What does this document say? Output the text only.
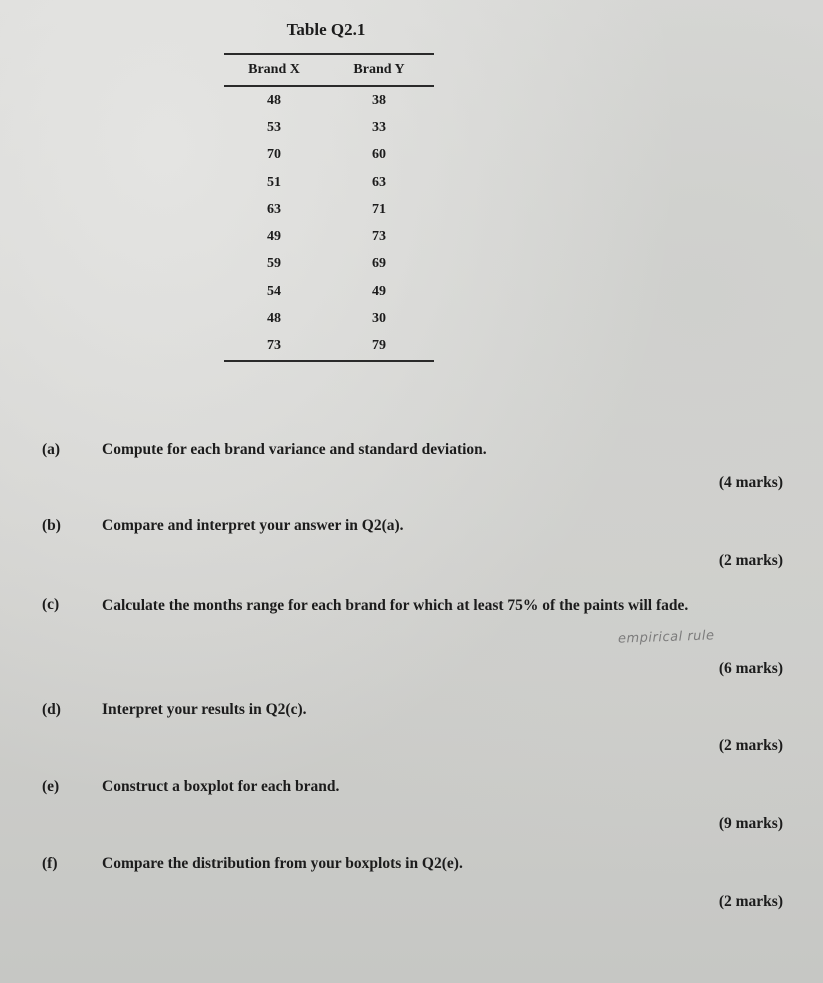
Table Q2.1
Brand X	Brand Y
48	38
53	33
70	60
51	63
63	71
49	73
59	69
54	49
48	30
73	79
(a)	Compute for each brand variance and standard deviation.
(4 marks)
(b)	Compare and interpret your answer in Q2(a).
(2 marks)
(c)	Calculate the months range for each brand for which at least 75% of the paints will fade.
empirical rule
(6 marks)
(d)	Interpret your results in Q2(c).
(2 marks)
(e)	Construct a boxplot for each brand.
(9 marks)
(f)	Compare the distribution from your boxplots in Q2(e).
(2 marks)
